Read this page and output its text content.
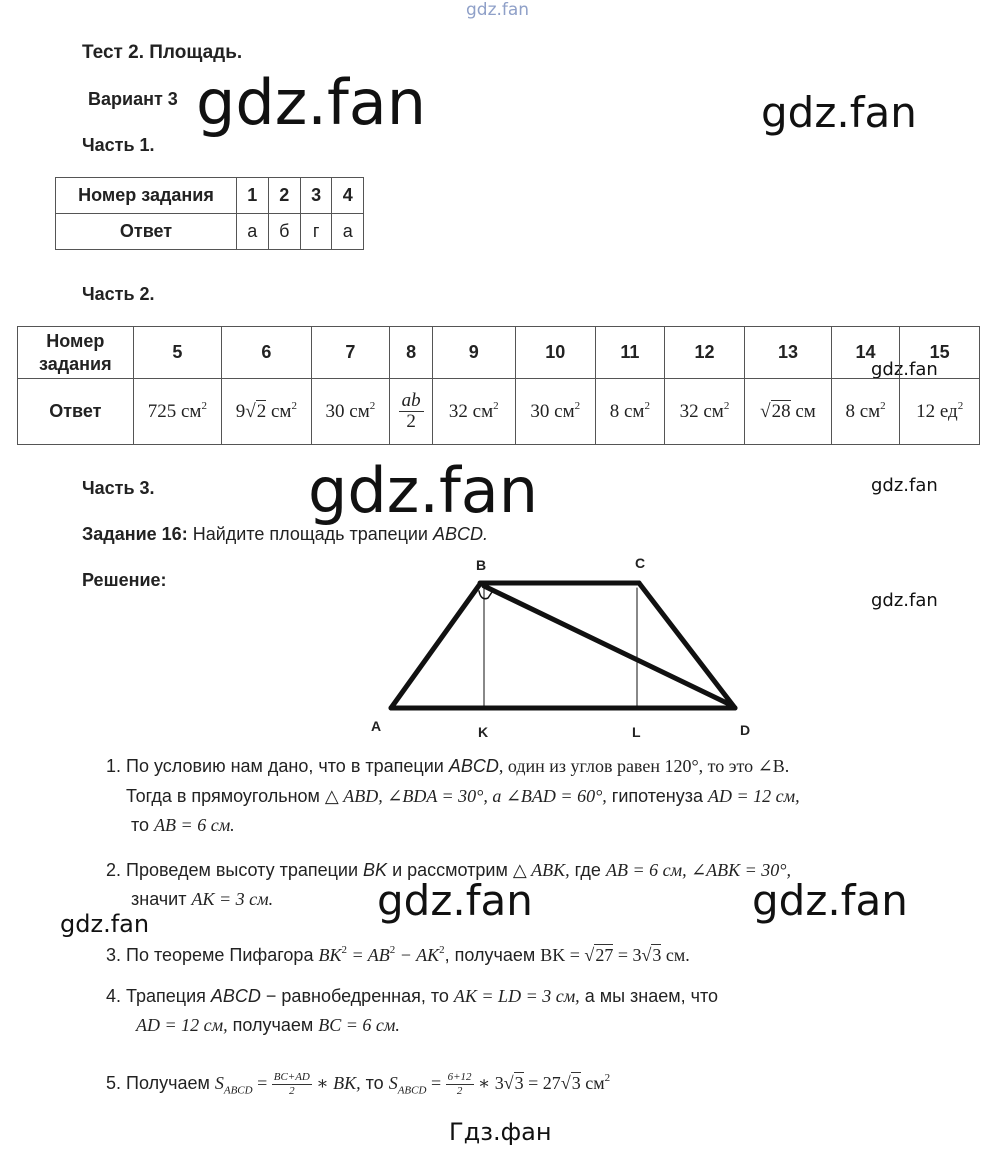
gdz.fan
gdz.fan	gdz.fan
gdz.fan
gdz.fan	gdz.fan
gdz.fan
gdz.fan	gdz.fan
gdz.fan
Гдз.фан
Тест 2. Площадь.
Вариант 3
Часть 1.
Номер задания	1	2	3	4
Ответ	а	б	г	а
Часть 2.
Номер
задания	5	6	7	8	9	10	11	12	13	14	15
Ответ	725 $см^2$	9√2 $см^2$	30 $см^2$	$\frac{ab}{2}$	32 $см^2$	30 $см^2$	8 $см^2$	32 $см^2$	√28 см	8 $см^2$	12 $ед^2$
Часть 3.
Задание 16: Найдите площадь трапеции ABCD.
Решение:
B	C
A	K	L	D
1. По условию нам дано, что в трапеции ABCD, один из углов равен 120°, то это ∠B.
Тогда в прямоугольном △ ABD, ∠BDA = 30°, а ∠BAD = 60°, гипотенуза AD = 12 см,
то AB = 6 см.
2. Проведем высоту трапеции BK и рассмотрим △ ABK, где AB = 6 см, ∠ABK = 30°,
значит AK = 3 см.
3. По теореме Пифагора $BK^2 = AB^2 - AK^2$, получаем BK = √27 = 3√3 см.
4. Трапеция ABCD − равнобедренная, то AK = LD = 3 см, а мы знаем, что
AD = 12 см, получаем BC = 6 см.
5. Получаем $S_{ABCD} = \frac{BC+AD}{2}$ ∗ BK, то $S_{ABCD} = \frac{6+12}{2}$ ∗ 3√3 = 27√3 $см^2$
